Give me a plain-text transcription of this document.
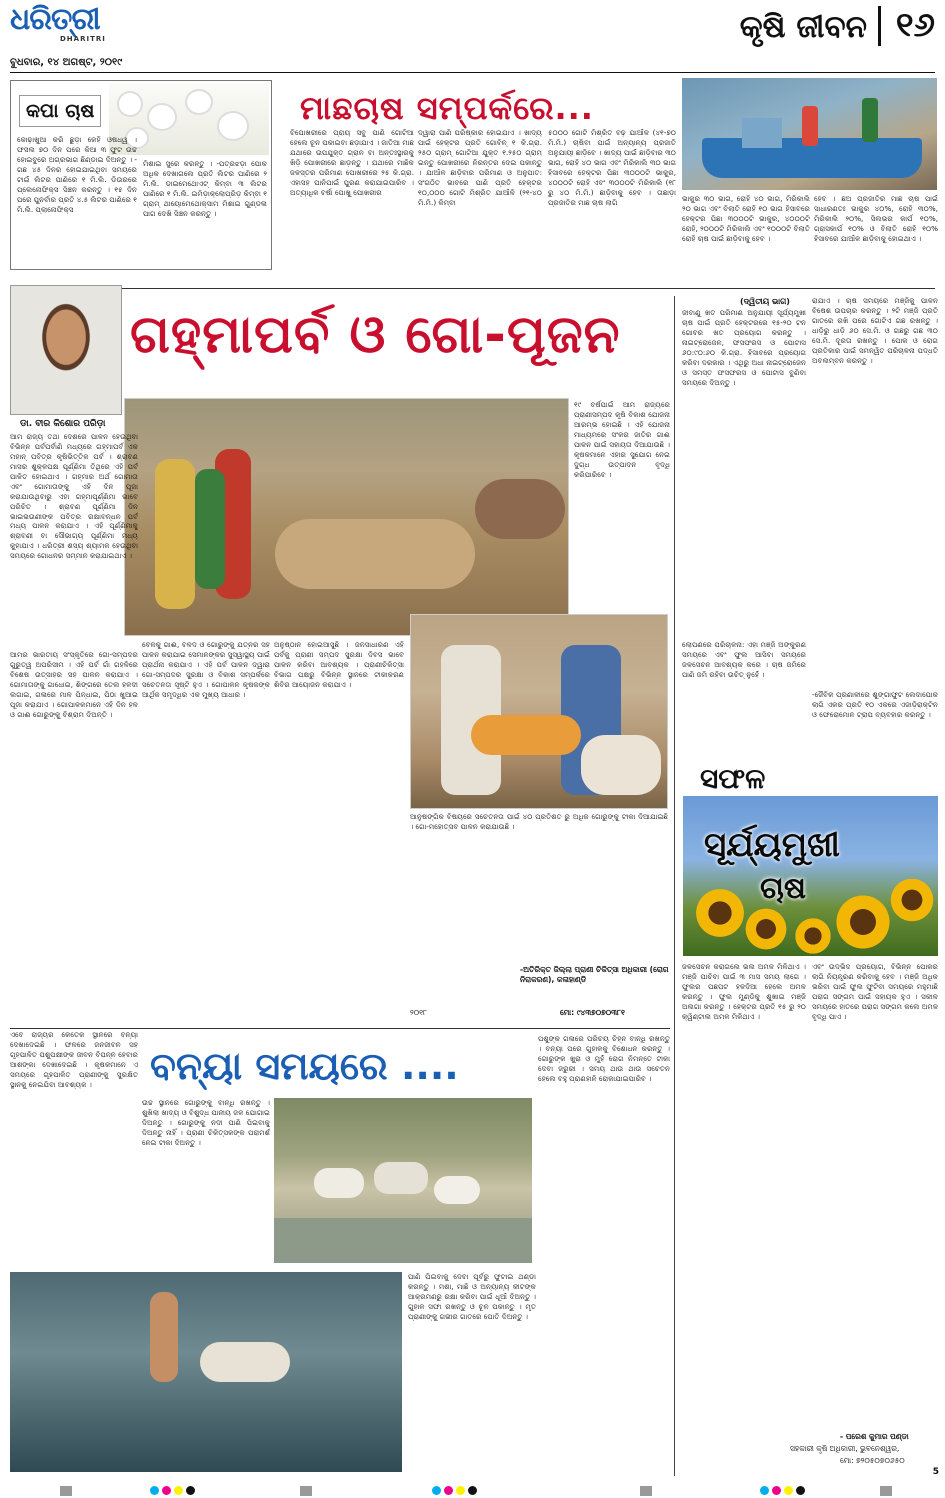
ଧରିତ୍ରୀ
DHARITRI
ବୁଧବାର, ୧୪ ଅଗଷ୍ଟ, ୨୦୧୯
କୃଷି ଜୀବନ ୧୬
କପା ଚାଷ
କୋଢ଼ାଖୁଆ କରି ଛୁଡ଼ା କେହି ଓଷଧ୍ୱ । ଫସଲ ୭୦ ଦିନ ପରେ କିଆ ୩ ଫୁଟ ଉଚ୍ଚ ହୋଇବୁରେ ଅଗ୍ରଭାଗ ଛିଣ୍ଡାଇ ଦିଅନ୍ତୁ । - ଗଛ ୪୫ ଦିନର ହୋଇଯାଇଥିବା ସମୟରେ ଟାଇଁ ଲିଟର ପାଣିରେ ୧ ମି.ଲି. ଡିଉରରେ ପ୍ଲେନୋଫିକ୍ସ ସିଞ୍ଚନ କରନ୍ତୁ । ୧୫ ଦିନ ପରେ ପୁନର୍ବାର ପ୍ରତି ୪.୫ ଲିଟର ପାଣିରେ ୧ ମି.ଲି. ପ୍ଲାନୋଫିକ୍ସ
ମିଶାଇ ସ୍ପ୍ରେ କରନ୍ତୁ । -ପତ୍ରଝଡ଼ା ପୋକ ଅଧିକ ଦେଖାଗଲେ ପ୍ରତି ଲିଟର ପାଣିରେ ୨ ମି.ଲି. ଡାଇମେଥୋଏଟ୍ କିମ୍ବା ୩ ଲିଟର ପାଣିରେ ୧ ମି.ଲି. ଇମିଡ଼ାକ୍ଲୋପ୍ରିଡ଼ କିମ୍ବା ୧ ଗ୍ରାମ୍ ଥାୟୋମେଥୋକ୍ସାମ ମିଶାଇ ଗୁଣ୍ଡଳା ପାଗ ଦେଖି ସିଞ୍ଚନ କରନ୍ତୁ ।
ମାଛଚାଷ ସମ୍ପର୍କରେ...
ବିପୋଖରୀରେ ପ୍ରାୟ ସବୁ ପାଣି ଗୋଟିଆ ହେଲେ ଚୂନ ପକାଇବା ଛଡ଼ାଯାଏ । ଜାତିଆ ମାଛ ଯଥାରେ ଉପଯୁକ୍ତ ଗ୍ରାନ ବା ଅନ୍ତଃସ୍ଥାରକୁ ଖିଡ଼ି ପୋଖରୀରେ ଛାଡ଼ନ୍ତୁ । ଯଥାରେ ମାଛିକ ଜଳସ୍ତର ପରିମାଣ ପୋଖରୀରେ ୨୫ କି.ଗ୍ରା. ଏହାସହ ପାନିପାଇଁ ପୁରଣ କରାଯାଇପାରିବ । ଅତ୍ୟାଧିକ ବର୍ଷା ପୋଖୁ ପୋଖରୀର
ଦ୍ୱାରା ପାଣି ପରିଷ୍କାର ହୋଇଯାଏ । ଖାଦ୍ୟ ପାଇଁ ହେକ୍ଟର ପ୍ରତି ଗୋବିନ୍ ୧ କି.ଗ୍ରା. ୨୫୦ ଗ୍ରାମ୍ ଗୋଟିଆ ଯୁକ୍ତ ୧.୨୫୦ ଗ୍ରାମ୍ ଇନ୍ତୁ ପୋଖରୀରେ ନିରନ୍ତର ଦେଇ ପକାନ୍ତୁ । ଯାଆଁଳ ଛାଡ଼ିବାର ପରିମାଣ ଓ ଅନୁପାତ: ସଂଗଠିତ ଭାବରେ ପାଣି ପ୍ରତି ହେକ୍ଟର ୧୦,୦୦୦ ଗୋଟି ମିଶ୍ରିତ ଯାଆଁଳି (୨୧-୪୦ ମି.ମି.) କିମ୍ବା
୫୦୦୦ ଗୋଟି ମିଶ୍ରିତ ବଢ଼ ଯାଆଁଳ (୪୧-୭୦ ମି.ମି.) ଚାଷିବା ପାଇଁ ଅନ୍ୟାନ୍ୟ ପ୍ରଜାତି ଅନୁଯାୟୀ ଛାଡ଼ିବେ । ଖାଦ୍ୟ ପାଇଁ ଛାଡ଼ିବାର ୩୦ ଭାଗ, ରୋହି ୪୦ ଭାଗ ଏବଂ ମିରିକାଲି ୩୦ ଭାଗ ହିସାବରେ ହେକ୍ଟର ପିଛା ୩୦୦୦ଟି ଭାକୁର, ୪୦୦୦ଟି ରୋହି ଏବଂ ୩୦୦୦ଟି ମିରିକାଲି (୧୮ ରୁ ୪୦ ମି.ମି.) ଛାଡ଼ିବାକୁ ହେବ । ତାଛାଡ଼ା ପ୍ରଜାତିର ମାଛ ଚାଷ ଲାଗି	ଭାକୁର ୩୦ ଭାଗ, ରୋହି ୪୦ ଭାଗ, ମିରିକାଲି ୨୦ ଭାଗ ଏବଂ ବିଲାତି ରୋହି ୧୦ ଭାଗ ହିସାବରେ ହେକ୍ଟର ପିଛା ୩୦୦୦ଟି ଭାକୁର, ୪୦୦୦ଟି ରୋହି, ୨୦୦୦ଟି ମିରିକାଲି ଏବଂ ୧୦୦୦ଟି ବିଲାତି ରୋହି ଚାଷ ପାଇଁ ଛାଡ଼ିବାକୁ ହେବ ।
ହେବ । ଛଅ ପ୍ରଜାତିର ମାଛ ଚାଷ ପାଇଁ ସାଧାରଣତଃ ଭାକୁର ୪୦%, ରୋହି ୩୦%, ମିରିକାଲି ୨୦%, ସିଲଭର କାର୍ପ ୧୦%, ଗ୍ରାସକାର୍ପ ୧୦% ଓ ବିଲାତି ରୋହି ୧୦% ହିସାବରେ ଯାଆଁଳ ଛାଡ଼ିବାକୁ ହୋଇଥାଏ ।
ଡା. ବୀର କିଶୋର ପରିଡ଼ା
ଗହ୍ମାପର୍ବ ଓ ଗୋ-ପୂଜନ
ଆମ ରାଜ୍ୟ ତଥା ଦେଶରେ ପାଳନ ହେଉଥିବା ବିଭିନ୍ନ ପର୍ବପର୍ବାଣି ମଧ୍ୟରେ ଗହ୍ମାପର୍ବ ଏକ ମହାନ୍ ପବିତ୍ର କୃଷିଭିତ୍ତିକ ପର୍ବ । ଶ୍ରାବଣ ମାସର ଶୁକ୍ଳପକ୍ଷ ପୂର୍ଣ୍ଣିମା ତିଥିରେ ଏହି ପର୍ବ ପାଳିତ ହୋଇଥାଏ । ଗହ୍ମାର ଅର୍ଥ ଗୋମାତା ଏବଂ ଗୋମାତାଙ୍କୁ ଏହି ଦିନ ପୂଜା କରାଯାଉଥିବାରୁ ଏହା ଗହ୍ମାପୂର୍ଣ୍ଣିମା ଭାବେ ପରିଚିତ । ଶ୍ରାବଣ ପୂର୍ଣ୍ଣିମା ଦିନ ଭାଇଭଉଣୀଙ୍କ ପବିତ୍ର ରକ୍ଷାବନ୍ଧନ ପର୍ବ ମଧ୍ୟ ପାଳନ କରାଯାଏ । ଏହି ପୂର୍ଣ୍ଣିମାକୁ ଶ୍ରାବଣୀ ବା ସୌଭାଗ୍ୟ ପୂର୍ଣ୍ଣିମା ମଧ୍ୟ କୁହାଯାଏ । ଧରିତ୍ରୀ ଶସ୍ୟ ଶ୍ୟାମଳ ହେଉଥିବା ସମୟରେ ଗୋଧନର ସମ୍ମାନ କରାଯାଇଥାଏ ।
ଆମର ଭାରତୀୟ ସଂସ୍କୃତିରେ ଗୋ-ସମ୍ପଦର ଗୁରୁତ୍ୱ ଅପରିସୀମ । ଏହି ପର୍ବ ଗାଁ ଗହଳିରେ ବିଶେଷ ଉତ୍ସାହର ସହ ପାଳନ କରାଯାଏ । ଗୋମାତାଙ୍କୁ ଗାଧୋଇ, ଶିଙ୍ଗରେ ତେଲ ହଳଦୀ ଲଗାଇ, ଗଳାରେ ମାଳ ପିନ୍ଧାଇ, ପିଠା ଖୁଆଇ ପୂଜା କରାଯାଏ । ଗୋପାଳକମାନେ ଏହି ଦିନ ହଳ ଓ ଗାଈ ଗୋରୁଙ୍କୁ ବିଶ୍ରାମ ଦିଅନ୍ତି ।
ବେଳକୁ ଗାଈ, ବଳଦ ଓ ଗୋରୁଙ୍କୁ ଯତ୍ନର ସହ ପାଳନ କରାଯାଇ ସେମାନଙ୍କର ସୁସ୍ୱାସ୍ଥ୍ୟ ପାଇଁ ପ୍ରାର୍ଥନା କରାଯାଏ । ଏହି ପର୍ବ ପାଳନ ଦ୍ୱାରା ଗୋ-ସମ୍ପଦର ସୁରକ୍ଷା ଓ ବିକାଶ ସମ୍ପର୍କରେ ସଚେତନତା ସୃଷ୍ଟି ହୁଏ । ଗୋପାଳନ କୃଷକଙ୍କ ଆର୍ଥିକ ସମୃଦ୍ଧିର ଏକ ମୁଖ୍ୟ ଆଧାର ।
ଅନୁଷ୍ଠାନ ହୋଇଆସୁଛି । ଜନସାଧାରଣ ଏହି ପର୍ବକୁ ପ୍ରାଣୀ ସମ୍ପଦ ସୁରକ୍ଷା ଦିବସ ଭାବେ ପାଳନ କରିବା ଆବଶ୍ୟକ । ପ୍ରାଣୀଚିକିତ୍ସା ବିଭାଗ ପକ୍ଷରୁ ବିଭିନ୍ନ ସ୍ଥାନରେ ଟୀକାକରଣ ଶିବିର ଆୟୋଜନ କରାଯାଏ ।
୧୯ ବର୍ଷପାଇଁ ଆମ ରାଜ୍ୟରେ ପ୍ରାଣୀସମ୍ପଦ କୃଷି ବିକାଶ ଯୋଜନା ଆରମ୍ଭ ହୋଇଛି । ଏହି ଯୋଜନା ମାଧ୍ୟମରେ ସଂକର ଜାତିର ଗାଈ ପାଳନ ପାଇଁ ସହାୟତା ଦିଆଯାଉଛି । କୃଷକମାନେ ଏହାର ସୁଯୋଗ ନେଇ ଦୁଗ୍ଧ ଉତ୍ପାଦନ ବୃଦ୍ଧି କରିପାରିବେ ।
ଆନୁଷଙ୍ଗିକ ବିଷୟରେ ସଚେତନତା ପାଇଁ ୪୦ ପ୍ରତିଶତ ରୁ ଅଧିକ ଗୋରୁଙ୍କୁ ଟୀକା ଦିଆଯାଇଛି । ଗୋ-ମହୋତ୍ସବ ପାଳନ କରାଯାଉଛି ।
-ଅତିରିକ୍ତ ଜିଲ୍ଲା ପ୍ରାଣୀ ଚିକିତ୍ସା ଅଧିକାରୀ (ରୋଗ ନିରାକରଣ), କଳାହାଣ୍ଡି
ମୋ: ୯୪୩୭୦୭୦୩୮୧
୨୦୧୮
(ଦ୍ୱିତୀୟ ଭାଗ)
ଜୀବାଣୁ ଖତ ପରିମାଣ ଅନୁଯାୟୀ ସୂର୍ଯ୍ୟମୁଖୀ ଚାଷ ପାଇଁ ପ୍ରତି ହେକ୍ଟରରେ ୧୫-୨୦ ଟନ ଗୋବର ଖତ ପ୍ରୟୋଗ କରନ୍ତୁ । ନାଇଟ୍ରୋଜେନ, ଫସଫରସ ଓ ପୋଟାସ ୬୦:୯୦:୬୦ କି.ଗ୍ରା. ହିସାବରେ ପ୍ରୟୋଗ କରିବା ଦରକାର । ଏଥିରୁ ଅଧା ନାଇଟ୍ରୋଜେନ ଓ ସମସ୍ତ ଫସଫରସ ଓ ପୋଟାସ ବୁଣିବା ସମୟରେ ଦିଅନ୍ତୁ ।
ଲୋପଣରେ ପରିଚାଳନା: ଏହା ମଞ୍ଜି ଅଙ୍କୁରଣ ସମୟରେ ଏବଂ ଫୁଲ ଆସିବା ସମୟରେ ଜଳସେଚନ ଆବଶ୍ୟକ କରେ । ଚାଷ ଜମିରେ ପାଣି ଜମି ରହିବା ଉଚିତ୍ ନୁହେଁ ।
ରାଯାଏ । ଚାଷ ସମୟରେ ମଞ୍ଜିକୁ ପାଳନ ବିଷେଶ ଉପଚାର କରନ୍ତୁ । ୨ଟି ମଞ୍ଜି ପ୍ରତି ଗାତରେ ରଖି ପରେ ଗୋଟିଏ ଗଛ ରଖନ୍ତୁ । ଧାଡ଼ିରୁ ଧାଡ଼ି ୬୦ ସେ.ମି. ଓ ଗଛରୁ ଗଛ ୩୦ ସେ.ମି. ଦୂରତା ରଖନ୍ତୁ । ପୋକ ଓ ରୋଗ ପ୍ରତିକାର ପାଇଁ ସମନ୍ୱିତ ପରିଚାଳନା ପଦ୍ଧତି ଅବଲମ୍ବନ କରନ୍ତୁ ।
-ଜୈବିକ ପ୍ରଣାଳୀରେ ଶୁଙ୍ଗାଫୁଟ ଲେଦାପୋକ ଲାଗି ଏକର ପ୍ରତି ୧୦ ଏକରେ ଏଜାଡ଼ିରାକ୍ଟିନ ଓ ଫେରୋମୋନ ଟ୍ରାପ ବ୍ୟବହାର କରନ୍ତୁ ।
ସଫଳ
ସୂର୍ଯ୍ୟମୁଖୀ
ଚାଷ
ଜଳସେଚନ କରାଗଲେ ଭଲ ଅମଳ ମିଳିଥାଏ । ମଞ୍ଜି ପାଚିବା ପାଇଁ ୩ ମାସ ସମୟ ଲାଗେ । ଫୁଲର ପଛପଟ ହଳଦିଆ ହେଲେ ଅମଳ କରନ୍ତୁ । ଫୁଲ ମୁଣ୍ଡିକୁ ଶୁଖାଇ ମଞ୍ଜି ଅଲଗା କରନ୍ତୁ । ହେକ୍ଟର ପ୍ରତି ୧୫ ରୁ ୨୦ କ୍ୱିଣ୍ଟାଲ ଅମଳ ମିଳିଥାଏ ।
ଏବଂ ଉଦ୍ଭିଦ ପ୍ରୟୋଗ, ବିଭିନ୍ନ ପୋକର ଲାଗି ନିୟନ୍ତ୍ରଣ କରିବାକୁ ହେବ । ମଞ୍ଜି ଅଧିକ ଭରିବା ପାଇଁ ଫୁଲ ଫୁଟିବା ସମୟରେ ମହୁମାଛି ପରାଗ ସଙ୍ଗମ ପାଇଁ ସହାୟକ ହୁଏ । ସକାଳ ସମୟରେ ହାତରେ ପରାଗ ସଙ୍ଗମ କଲେ ଅମଳ ବୃଦ୍ଧି ପାଏ ।
- ପରେଶ କୁମାର ପଣ୍ଡା
ସହକାରୀ କୃଷି ଅଧିକାରୀ, ଭୁବନେଶ୍ୱର,
ମୋ: ୭୨୦୫୦୭୦୬୫୦
ବନ୍ୟା ସମୟରେ ....
ଏବେ ରାଜ୍ୟର କେତେକ ସ୍ଥାନରେ ବନ୍ୟା ଦେଖାଦେଇଛି । ଫଳରେ ଜନଜୀବନ ସହ ଗୃହପାଳିତ ପଶୁପକ୍ଷୀଙ୍କ ଜୀବନ ବିପନ୍ନ ହେବାର ଆଶଙ୍କା ଦେଖାଦେଇଛି । କୃଷକମାନେ ଏ ସମୟରେ ଗୃହପାଳିତ ପ୍ରାଣୀଙ୍କୁ ସୁରକ୍ଷିତ ସ୍ଥାନକୁ ନେଇଯିବା ଆବଶ୍ୟକ ।
ଉଚ୍ଚ ସ୍ଥାନରେ ଗୋରୁଙ୍କୁ ବାନ୍ଧି ରଖନ୍ତୁ । ଶୁଖିଲା ଖାଦ୍ୟ ଓ ବିଶୁଦ୍ଧ ପାନୀୟ ଜଳ ଯୋଗାଇ ଦିଅନ୍ତୁ । ଗୋରୁଙ୍କୁ ନଦୀ ପାଣି ପିଇବାକୁ ଦିଅନ୍ତୁ ନାହିଁ । ପ୍ରାଣୀ ଚିକିତ୍ସକଙ୍କ ପରାମର୍ଶ ନେଇ ଟୀକା ଦିଅନ୍ତୁ ।
ପାଣି ପିଇବାକୁ ଦେବା ପୂର୍ବରୁ ଫୁଟାଇ ଥଣ୍ଡା କରନ୍ତୁ । ମଶା, ମାଛି ଓ ଅନ୍ୟାନ୍ୟ କୀଟଙ୍କ ଆକ୍ରମଣରୁ ରକ୍ଷା କରିବା ପାଇଁ ଧୂଆଁ ଦିଅନ୍ତୁ । ଗୁହାଳ ସଫା ରଖନ୍ତୁ ଓ ଚୂନ ପକାନ୍ତୁ । ମୃତ ପ୍ରାଣୀଙ୍କୁ ଗଭୀର ଗାତରେ ପୋତି ଦିଅନ୍ତୁ ।
ପଶୁଙ୍କ ଗଳାରେ ପରିଚୟ ଚିହ୍ନ ବାନ୍ଧି ରଖନ୍ତୁ । ବନ୍ୟା ପରେ ଗୁହାଳକୁ ବିଶୋଧନ କରନ୍ତୁ । ଗୋରୁଙ୍କ ଖୁରା ଓ ମୁହଁ ରୋଗ ନିମନ୍ତେ ଟୀକା ଦେବା ଜରୁରୀ । ସମୟ ଥାଉ ଥାଉ ସଚେତନ ହେଲେ ବହୁ ପ୍ରାଣହାନି ରୋକାଯାଇପାରିବ ।
5
